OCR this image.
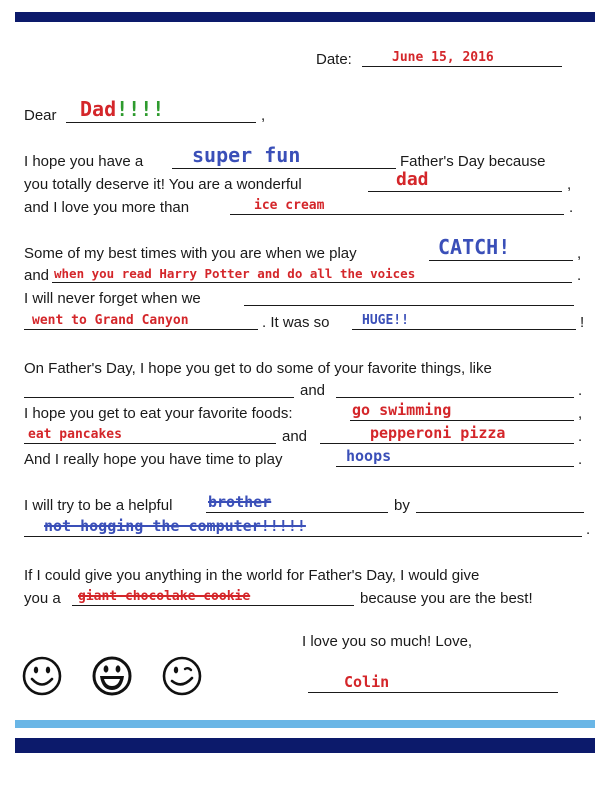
Date:	June 15, 2016
Dear Dad!!!!	,
I hope you have a super fun	Father's Day because
you totally deserve it! You are a wonderful	dad	,
and I love you more than	ice cream	.
Some of my best times with you are when we play	CATCH!	,
and when you read Harry Potter and do all the voices	.
I will never forget when we
went to Grand Canyon	. It was so HUGE!!	!
On Father's Day, I hope you get to do some of your favorite things, like
and	.
I hope you get to eat your favorite foods:	go swimming	,
eat pancakes	and	pepperoni pizza	.
And I really hope you have time to play	hoops	.
I will try to be a helpful brother	by
not hogging the computer!!!!!	.
If I could give you anything in the world for Father's Day, I would give
you a giant chocolake cookie	because you are the best!
I love you so much! Love,
Colin
